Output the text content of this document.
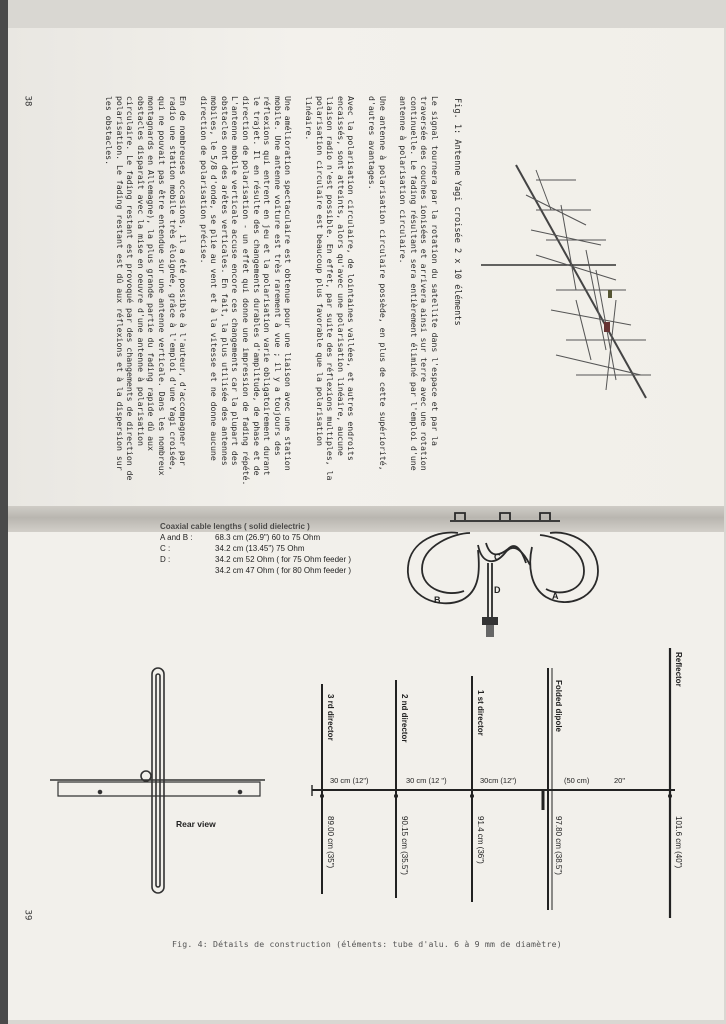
38
39
Fig. 1: Antenne Yagi croisée 2 x 10 éléments

Le signal tournera par la rotation du satellite dans l'espace et par la traversée des couches ionisées et arrivera ainsi sur terre avec une rotation continuelle. Le fading résultant sera entièrement éliminé par l'emploi d'une antenne à polarisation circulaire.

Une antenne à polarisation circulaire possède, en plus de cette supériorité, d'autres avantages.

Avec la polarisation circulaire, de lointaines vallées, et autres endroits encaissés, sont atteints, alors qu'avec une polarisation linéaire, aucune liaison radio n'est possible. En effet, par suite des réflexions multiples, la polarisation circulaire est beaucoup plus favorable que la polarisation linéaire.

Une amélioration spectaculaire est obtenue pour une liaison avec une station mobile. Une antenne voiture est très rarement à vue ; il y a toujours des réflexions qui entrent en jeu et la polarisation varie obligatoirement durant le trajet. Il en résulte des changements durables d'amplitude, de phase et de direction de polarisation - un effet qui donne une impression de fading répété. L'antenne mobile verticale accuse encore ces changements car la plupart des obstacles ont des arêtes verticales. En fait, la plus utilisée des antennes mobiles, le 5/8 d'onde, se plie au vent et à la vitesse et ne donne aucune direction de polarisation précise.

En de nombreuses occasions, il a été possible à l'auteur, d'accompagner par radio une station mobile très éloignée, grâce à l'emploi d'une Yagi croisée, qui ne pouvait pas être entendue sur une antenne verticale. Dans les nombreux montagnards en Allemagne), la plus grande partie du fading rapide dû aux obstacles disparaît avec la mise en oeuvre d'une antenne à polarisation circulaire. Le fading restant est provoqué par des changements de direction de polarisation. Le fading restant est dû aux réflexions et à la dispersion sur les obstacles.

Coaxial cable lengths ( solid dielectric )
A and B :	68.3 cm (26.9") 60 to 75 Ohm
C :	34.2 cm (13.45") 75 Ohm
D :	34.2 cm 52 Ohm ( for 75 Ohm feeder )
34.2 cm 47 Ohm ( for 80 Ohm feeder )
B	A
C
D
Rear view
30 cm (12")	30 cm (12 ")	30cm (12")	(50 cm)	20"
Reflector
Folded dipole
1 st director
2 nd director
3 rd director
101.6 cm (40")
97.80 cm (38.5")
91.4 cm (36")
90.15 cm (35.5")
89.00 cm (35")
Fig. 4: Détails de construction (éléments: tube d'alu. 6 à 9 mm de diamètre)
